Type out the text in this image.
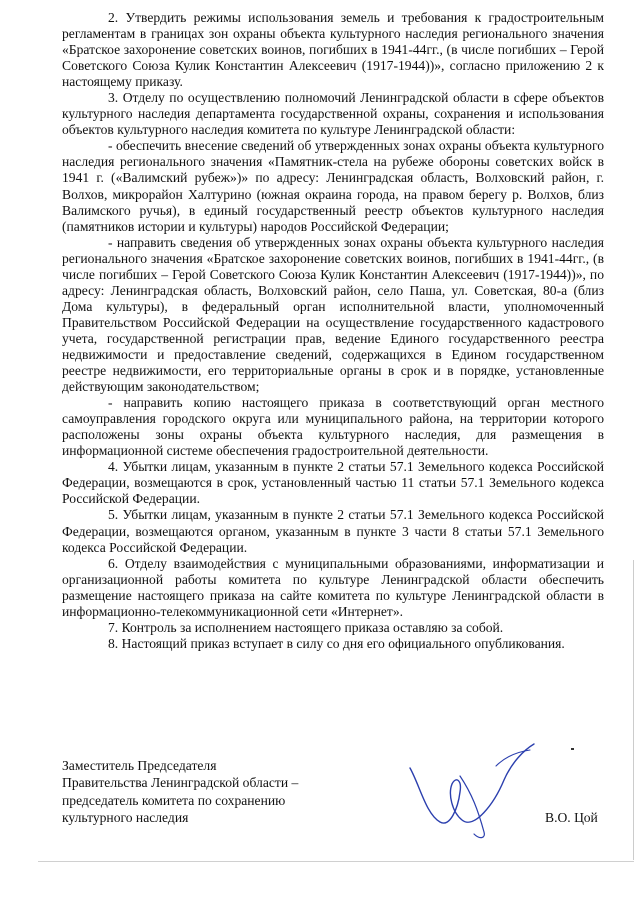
2. Утвердить режимы использования земель и требования к градостроительным регламентам в границах зон охраны объекта культурного наследия регионального значения «Братское захоронение советских воинов, погибших в 1941-44гг., (в числе погибших – Герой Советского Союза Кулик Константин Алексеевич (1917-1944))», согласно приложению 2 к настоящему приказу.

3. Отделу по осуществлению полномочий Ленинградской области в сфере объектов культурного наследия департамента государственной охраны, сохранения и использования объектов культурного наследия комитета по культуре Ленинградской области:

- обеспечить внесение сведений об утвержденных зонах охраны объекта культурного наследия регионального значения «Памятник-стела на рубеже обороны советских войск в 1941 г. («Валимский рубеж»)» по адресу: Ленинградская область, Волховский район, г. Волхов, микрорайон Халтурино (южная окраина города, на правом берегу р. Волхов, близ Валимского ручья), в единый государственный реестр объектов культурного наследия (памятников истории и культуры) народов Российской Федерации;

- направить сведения об утвержденных зонах охраны объекта культурного наследия регионального значения «Братское захоронение советских воинов, погибших в 1941-44гг., (в числе погибших – Герой Советского Союза Кулик Константин Алексеевич (1917-1944))», по адресу: Ленинградская область, Волховский район, село Паша, ул. Советская, 80-а (близ Дома культуры), в федеральный орган исполнительной власти, уполномоченный Правительством Российской Федерации на осуществление государственного кадастрового учета, государственной регистрации прав, ведение Единого государственного реестра недвижимости и предоставление сведений, содержащихся в Едином государственном реестре недвижимости, его территориальные органы в срок и в порядке, установленные действующим законодательством;

- направить копию настоящего приказа в соответствующий орган местного самоуправления городского округа или муниципального района, на территории которого расположены зоны охраны объекта культурного наследия, для размещения в информационной системе обеспечения градостроительной деятельности.

4. Убытки лицам, указанным в пункте 2 статьи 57.1 Земельного кодекса Российской Федерации, возмещаются в срок, установленный частью 11 статьи 57.1 Земельного кодекса Российской Федерации.

5. Убытки лицам, указанным в пункте 2 статьи 57.1 Земельного кодекса Российской Федерации, возмещаются органом, указанным в пункте 3 части 8 статьи 57.1 Земельного кодекса Российской Федерации.

6. Отделу взаимодействия с муниципальными образованиями, информатизации и организационной работы комитета по культуре Ленинградской области обеспечить размещение настоящего приказа на сайте комитета по культуре Ленинградской области в информационно-телекоммуникационной сети «Интернет».

7. Контроль за исполнением настоящего приказа оставляю за собой.

8. Настоящий приказ вступает в силу со дня его официального опубликования.

Заместитель Председателя
Правительства Ленинградской области –
председатель комитета по сохранению
культурного наследия	В.О. Цой
